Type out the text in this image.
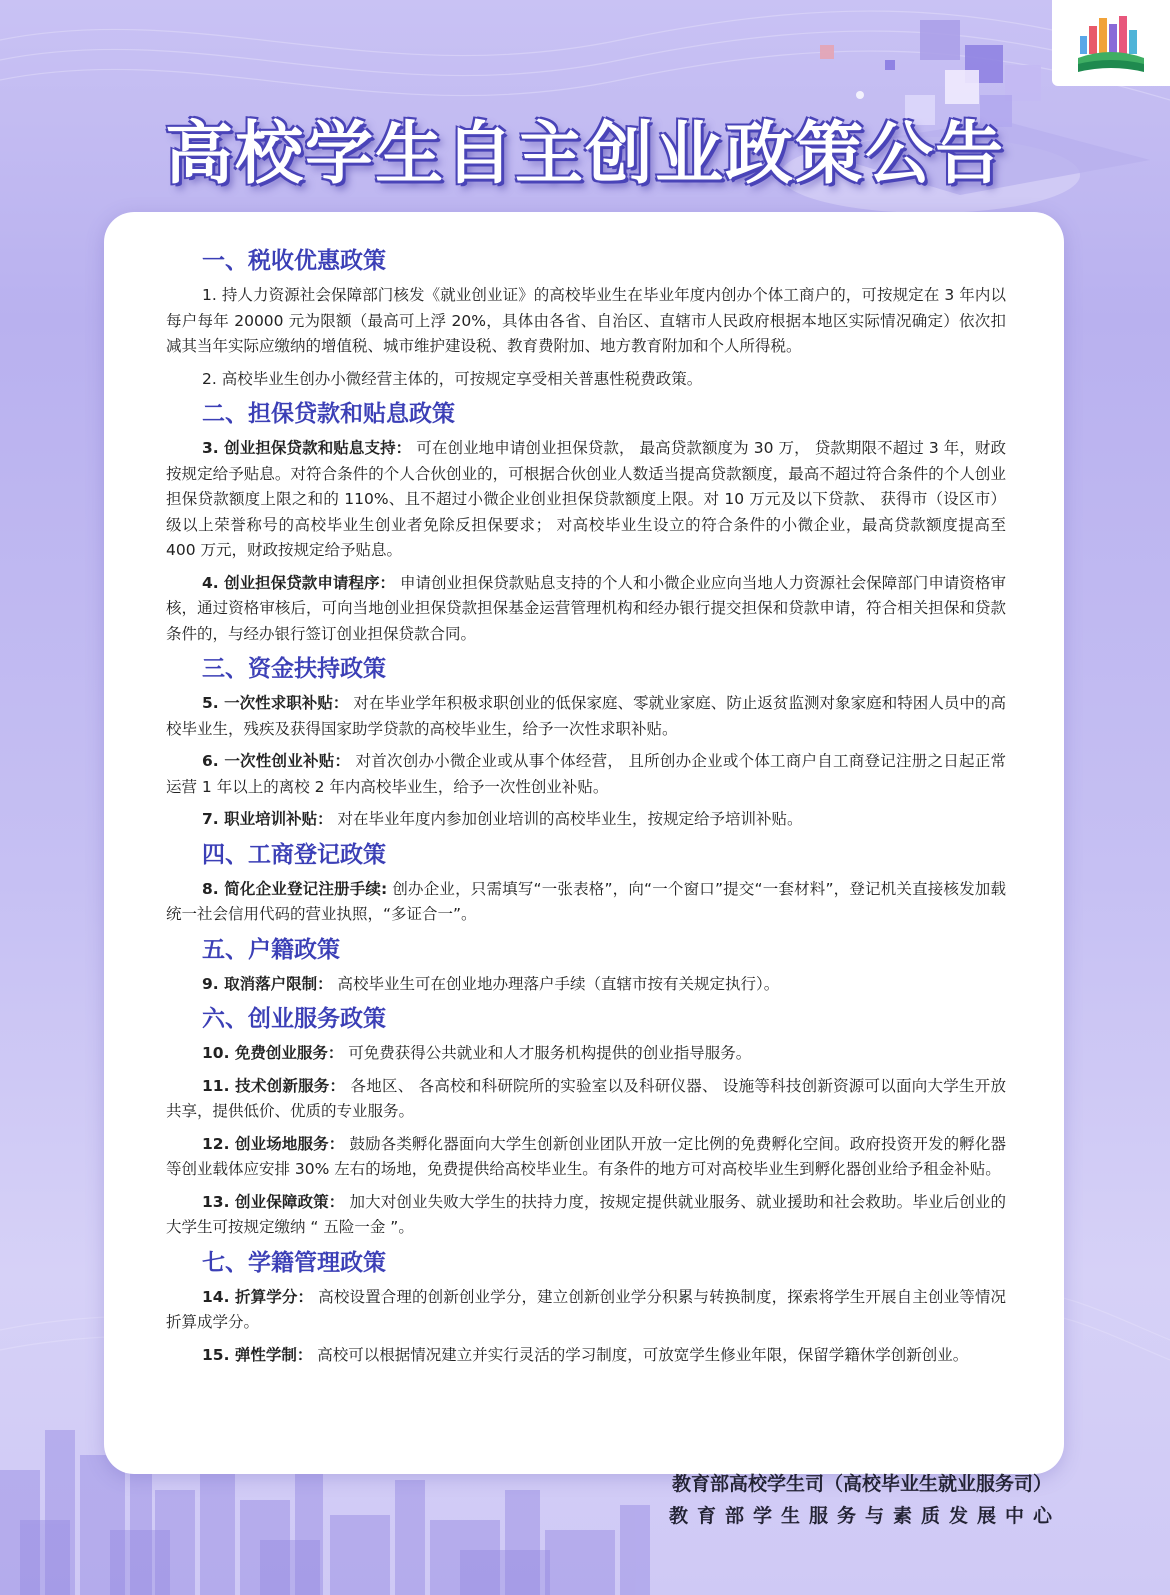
高校学生自主创业政策公告
一、税收优惠政策
1. 持人力资源社会保障部门核发《就业创业证》的高校毕业生在毕业年度内创办个体工商户的，可按规定在 3 年内以每户每年 20000 元为限额（最高可上浮 20%，具体由各省、自治区、直辖市人民政府根据本地区实际情况确定）依次扣减其当年实际应缴纳的增值税、城市维护建设税、教育费附加、地方教育附加和个人所得税。
2. 高校毕业生创办小微经营主体的，可按规定享受相关普惠性税费政策。
二、担保贷款和贴息政策
3. 创业担保贷款和贴息支持： 可在创业地申请创业担保贷款， 最高贷款额度为 30 万， 贷款期限不超过 3 年，财政按规定给予贴息。对符合条件的个人合伙创业的，可根据合伙创业人数适当提高贷款额度，最高不超过符合条件的个人创业担保贷款额度上限之和的 110%、且不超过小微企业创业担保贷款额度上限。对 10 万元及以下贷款、 获得市（设区市）级以上荣誉称号的高校毕业生创业者免除反担保要求； 对高校毕业生设立的符合条件的小微企业，最高贷款额度提高至 400 万元，财政按规定给予贴息。
4. 创业担保贷款申请程序： 申请创业担保贷款贴息支持的个人和小微企业应向当地人力资源社会保障部门申请资格审核，通过资格审核后，可向当地创业担保贷款担保基金运营管理机构和经办银行提交担保和贷款申请，符合相关担保和贷款条件的，与经办银行签订创业担保贷款合同。
三、资金扶持政策
5. 一次性求职补贴： 对在毕业学年积极求职创业的低保家庭、零就业家庭、防止返贫监测对象家庭和特困人员中的高校毕业生，残疾及获得国家助学贷款的高校毕业生，给予一次性求职补贴。
6. 一次性创业补贴： 对首次创办小微企业或从事个体经营， 且所创办企业或个体工商户自工商登记注册之日起正常运营 1 年以上的离校 2 年内高校毕业生，给予一次性创业补贴。
7. 职业培训补贴： 对在毕业年度内参加创业培训的高校毕业生，按规定给予培训补贴。
四、工商登记政策
8. 简化企业登记注册手续: 创办企业，只需填写“一张表格”，向“一个窗口”提交“一套材料”，登记机关直接核发加载统一社会信用代码的营业执照，“多证合一”。
五、户籍政策
9. 取消落户限制： 高校毕业生可在创业地办理落户手续（直辖市按有关规定执行）。
六、创业服务政策
10. 免费创业服务： 可免费获得公共就业和人才服务机构提供的创业指导服务。
11. 技术创新服务： 各地区、 各高校和科研院所的实验室以及科研仪器、 设施等科技创新资源可以面向大学生开放共享，提供低价、优质的专业服务。
12. 创业场地服务： 鼓励各类孵化器面向大学生创新创业团队开放一定比例的免费孵化空间。政府投资开发的孵化器等创业载体应安排 30% 左右的场地，免费提供给高校毕业生。有条件的地方可对高校毕业生到孵化器创业给予租金补贴。
13. 创业保障政策： 加大对创业失败大学生的扶持力度，按规定提供就业服务、就业援助和社会救助。毕业后创业的大学生可按规定缴纳 “ 五险一金 ”。
七、学籍管理政策
14. 折算学分： 高校设置合理的创新创业学分，建立创新创业学分积累与转换制度，探索将学生开展自主创业等情况折算成学分。
15. 弹性学制： 高校可以根据情况建立并实行灵活的学习制度，可放宽学生修业年限，保留学籍休学创新创业。
教育部高校学生司（高校毕业生就业服务司）
教育部学生服务与素质发展中心
